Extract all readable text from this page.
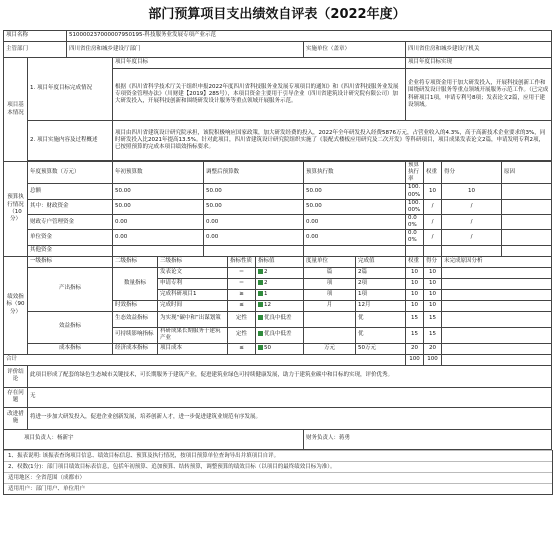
部门预算项目支出绩效自评表（2022年度）
项目名称		5100002370000079501​95-科技服务业发展专项产业示范											
主管部门		四川省住房和城乡建设厅部门						实施单位（盖章）		四川省住房和城乡建设厅机关			
项目基本情况	1. 项目年度目标完成情况		项目年度目标							项目年度目标实现			
			根据《四川省科学技术厅关于组织申报2022年度四川省科技服务业发展专项项目的通知》和《四川省科技服务业发展专项资金管理办法》（川财建【2019】285号），本项目资金主要用于引导企业（四川省建筑设计研究院有限公司）加大研发投入，开展科技创新和围绕研发设计服务等重点领域开展服务示范。							企业将专项资金用于加大研发投入，开展科技创新工作和围绕研发设计服务等重点领域开展服务示范工作。（已完成科研项目1项，申请专利号8项；发表论文2篇，应用于建设领域。			
	2. 项目实施内容及过程概述		项目由四川省建筑设计研究院承担，该院积极响应国家政策，加大研发经费的投入，2022年全年研发投入经费5876万元，占营业收入的4.3%，高于高新技术企业要求的3%，同时研发投入比2021年提高13.5%。针对此项目，四川省建筑设计研究院组织实施了《装配式楼板应用研究及二次开发》等科研项目，项目成果发表论文2篇，申请发明专利2项，已按照预算的完成本项目绩效指标要求。										

预算执行情况（10分）	年度预算数（万元）		年初预算数		调整后预算数			预算执行数		预算执行率	权重	得分	原因
	总额		50.00		50.00			50.00		100.00%	10	10	
	其中：财政资金		50.00		50.00			50.00		100.00%	/	/	
	财政专户管理资金		0.00		0.00			0.00		0.00%	/	/	
	单位资金		0.00		0.00			0.00		0.00%	/	/	
	其他资金												
绩效指标（90分）	一级指标		二级指标	三级指标		指标性质	指标值	度量单位	完成值	权重	得分	未完成原因分析	
	产出指标		数量指标	发表论文		＝	2	篇	2篇	10	10		
				申请专利		＝	2	项	2项	10	10		
				完成科研项目1		≥	1	项	1项	10	10		
			时效指标	完成时间		≤	12	月	12月	10	10		
	效益指标		生态效益指标	为实现“碳中和”出谋划策		定性	优良中低差		优	15	15		
			可持续影响指标	科研成果长期服务于建筑产业		定性	优良中低差		优	15	15		
	成本指标		经济成本指标	项目成本		≤	50	万元	50万元	20	20		
合计										100	100		
评价结论	此项目形成了配套的绿色生态城市关键技术，可长期服务于建筑产业，促进建筑业绿色可持续健康发展，助力于建筑业碳中和目标的实现，评价优秀。												
存在问题	无												
改进措施	将进一步加大研发投入，促进企业创新发展，培养创新人才，进一步促进建筑业规范有序发展。												
项目负责人：杨新宇								财务负责人：蒋勇					
1、振表说明: 该振表查询项目信息、绩效目标信息、预算及执行情况，按项目预算单位查询导出并填项目自评。
2、权数(1分)：部门项目绩效目标表信息，包括年初预算、追加预算、结转预算，调整预算的绩效目标（以项目的最终绩效目标为准）。
适用地区：全省范围（成都市）
适用用户：部门用户、单位用户
